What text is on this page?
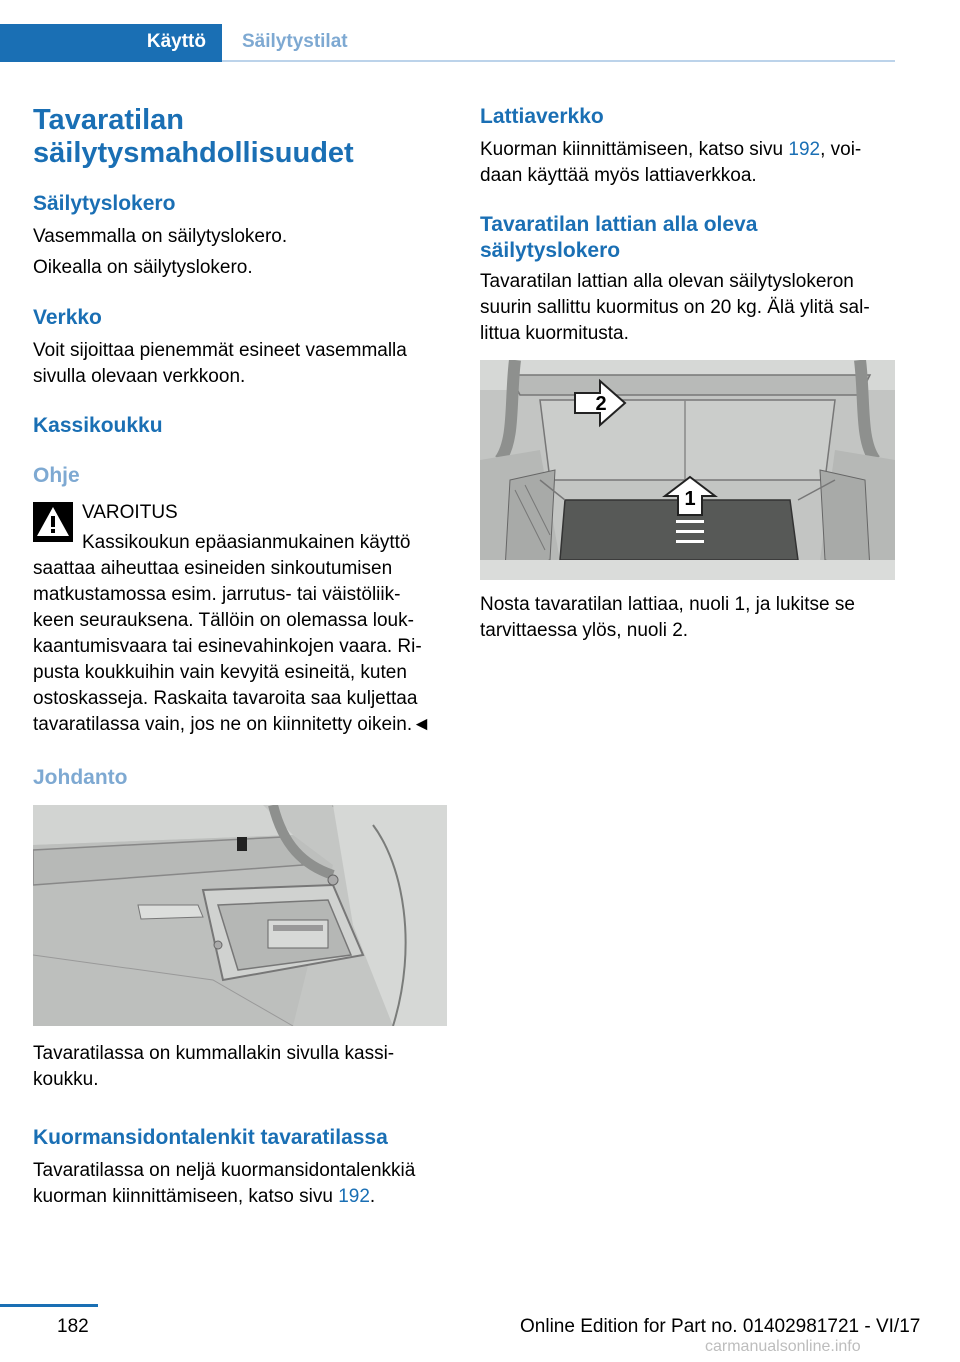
Käyttö Säilytystilat
Tavaratilan
säilytysmahdollisuudet
Säilytyslokero
Vasemmalla on säilytyslokero.
Oikealla on säilytyslokero.
Verkko
Voit sijoittaa pienemmät esineet vasemmalla
sivulla olevaan verkkoon.
Kassikoukku
Ohje
VAROITUS
Kassikoukun epäasianmukainen käyttö
saattaa aiheuttaa esineiden sinkoutumisen
matkustamossa esim. jarrutus- tai väistöliik-
keen seurauksena. Tällöin on olemassa louk-
kaantumisvaara tai esinevahinkojen vaara. Ri-
pusta koukkuihin vain kevyitä esineitä, kuten
ostoskasseja. Raskaita tavaroita saa kuljettaa
tavaratilassa vain, jos ne on kiinnitetty oikein.◄
Johdanto
Tavaratilassa on kummallakin sivulla kassi-
koukku.
Kuormansidontalenkit tavaratilassa
Tavaratilassa on neljä kuormansidontalenkkiä
kuorman kiinnittämiseen, katso sivu 192.
Lattiaverkko
Kuorman kiinnittämiseen, katso sivu 192, voi-
daan käyttää myös lattiaverkkoa.
Tavaratilan lattian alla oleva
säilytyslokero
Tavaratilan lattian alla olevan säilytyslokeron
suurin sallittu kuormitus on 20 kg. Älä ylitä sal-
littua kuormitusta.
1
2
Nosta tavaratilan lattiaa, nuoli 1, ja lukitse se
tarvittaessa ylös, nuoli 2.
182	Online Edition for Part no. 01402981721 - VI/17
carmanualsonline.info
